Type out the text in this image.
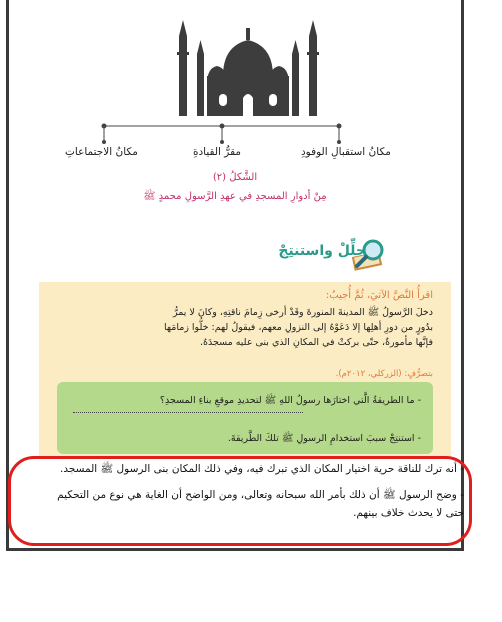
مكانُ استقبالِ الوفودِ
مقرُّ القيادةِ
مكانُ الاجتماعاتِ
الشَّكلُ (٢)
مِنْ أدوارِ المسجدِ في عهدِ الرَّسولِ محمدٍ ﷺ
حلِّلْ واستنتِجْ
اقرأُ النَّصَّ الآتيَ، ثُمَّ أُجيبُ:
دخلَ الرَّسولُ ﷺ المدينةَ المنورةَ وقَدْ أرخى زِمامَ ناقتِهِ، وكانَ لا يمرُّ
بدُورٍ من دورِ أهلِها إلا دَعَوْهُ إلى النزولِ معهم، فيقولُ لهم: خلُّوا زمامَها
فإنَّها مأمورةٌ، حتّى بركتْ في المكانِ الذي بنى عليه مسجدَهُ.
بتصرُّفٍ: (الزركلي، ٢٠١٢م).
- ما الطريقةُ الَّتي اختارَها رسولُ اللهِ ﷺ لتحديدِ موقعِ بناءِ المسجدِ؟
- استنتِجْ سببَ استخدامِ الرسولِ ﷺ تلكَ الطَّريقةَ.
- أنه ترك للناقة حرية اختيار المكان الذي تبرك فيه، وفي ذلك المكان بنى الرسول ﷺ المسجد.
- وضح الرسول ﷺ أن ذلك بأمر الله سبحانه وتعالى، ومن الواضح أن الغاية هي نوع من التحكيم حتى لا يحدث خلاف بينهم.
